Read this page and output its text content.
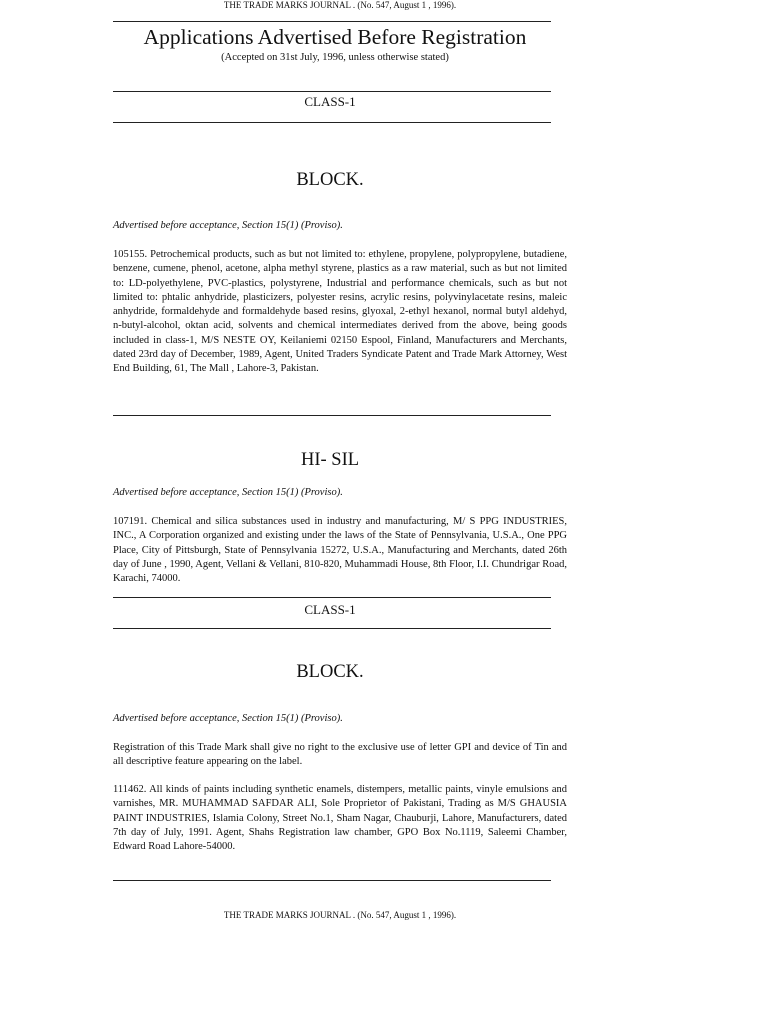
THE TRADE MARKS JOURNAL . (No. 547, August 1 , 1996).
Applications Advertised Before Registration
(Accepted on 31st July, 1996, unless otherwise stated)
CLASS-1
BLOCK.
Advertised before acceptance, Section 15(1) (Proviso).

105155. Petrochemical products, such as but not limited to: ethylene, propylene, polypropylene, butadiene, benzene, cumene, phenol, acetone, alpha methyl styrene, plastics as a raw material, such as but not limited to: LD-polyethylene, PVC-plastics, polystyrene, Industrial and performance chemicals, such as but not limited to: phtalic anhydride, plasticizers, polyester resins, acrylic resins, polyvinylacetate resins, maleic anhydride, formaldehyde and formaldehyde based resins, glyoxal, 2-ethyl hexanol, normal butyl aldehyd, n-butyl-alcohol, oktan acid, solvents and chemical intermediates derived from the above, being goods included in class-1, M/S NESTE OY, Keilaniemi 02150 Espool, Finland, Manufacturers and Merchants, dated 23rd day of December, 1989, Agent, United Traders Syndicate Patent and Trade Mark Attorney, West End Building, 61, The Mall , Lahore-3, Pakistan.

HI- SIL
Advertised before acceptance, Section 15(1) (Proviso).

107191. Chemical and silica substances used in industry and manufacturing, M/ S PPG INDUSTRIES, INC., A Corporation organized and existing under the laws of the State of Pennsylvania, U.S.A., One PPG Place, City of Pittsburgh, State of Pennsylvania 15272, U.S.A., Manufacturing and Merchants, dated 26th day of June , 1990, Agent, Vellani & Vellani, 810-820, Muhammadi House, 8th Floor, I.I. Chundrigar Road, Karachi, 74000.

CLASS-1
BLOCK.
Advertised before acceptance, Section 15(1) (Proviso).

Registration of this Trade Mark shall give no right to the exclusive use of letter GPI and device of Tin and all descriptive feature appearing on the label.

111462. All kinds of paints including synthetic enamels, distempers, metallic paints, vinyle emulsions and varnishes, MR. MUHAMMAD SAFDAR ALI, Sole Proprietor of Pakistani, Trading as M/S GHAUSIA PAINT INDUSTRIES, Islamia Colony, Street No.1, Sham Nagar, Chauburji, Lahore, Manufacturers, dated 7th day of July, 1991. Agent, Shahs Registration law chamber, GPO Box No.1119, Saleemi Chamber, Edward Road Lahore-54000.

THE TRADE MARKS JOURNAL . (No. 547, August 1 , 1996).
